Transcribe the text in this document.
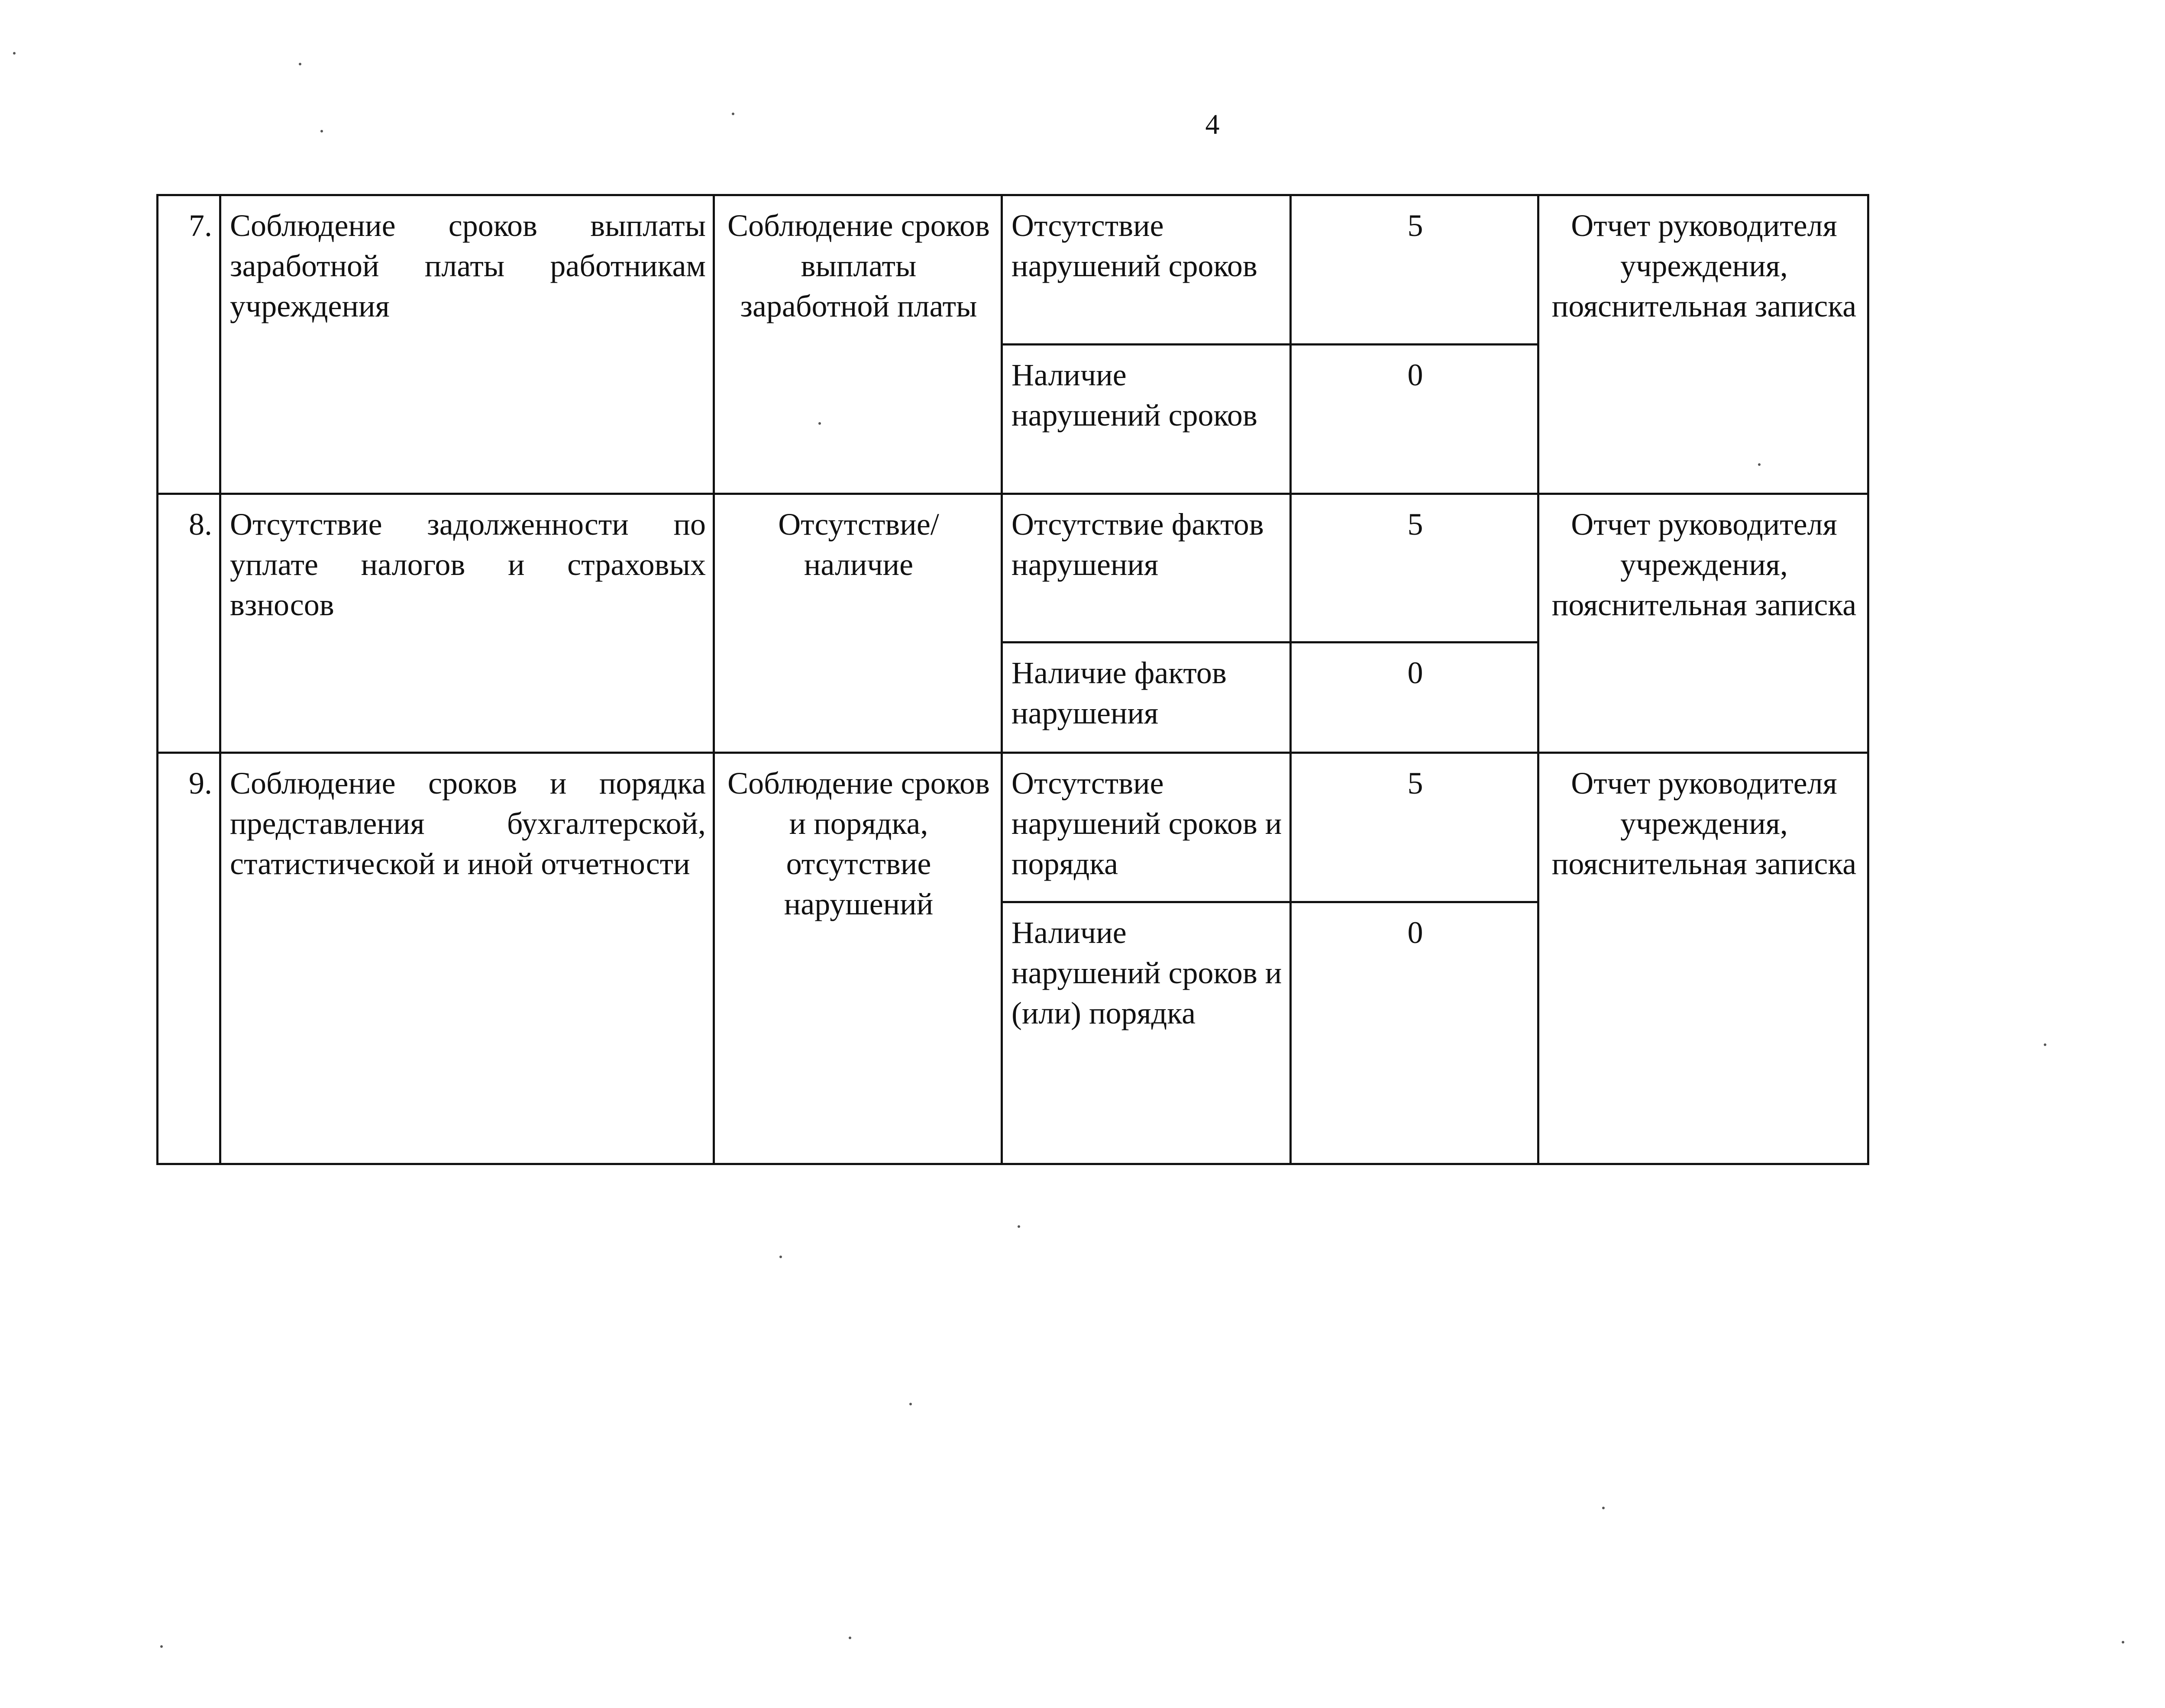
4
7.	Соблюдение сроков выплаты заработной платы работникам учреждения	Соблюдение сроков выплаты заработной платы	Отсутствие нарушений сроков	5	Отчет руководителя учреждения, пояснительная записка
			Наличие нарушений сроков	0	
8.	Отсутствие задолженности по уплате налогов и страховых взносов	Отсутствие/ наличие	Отсутствие фактов нарушения	5	Отчет руководителя учреждения, пояснительная записка
			Наличие фактов нарушения	0	
9.	Соблюдение сроков и порядка представления бухгалтерской, статистической и иной отчетности	Соблюдение сроков и порядка, отсутствие нарушений	Отсутствие нарушений сроков и порядка	5	Отчет руководителя учреждения, пояснительная записка
			Наличие нарушений сроков и (или) порядка	0	
